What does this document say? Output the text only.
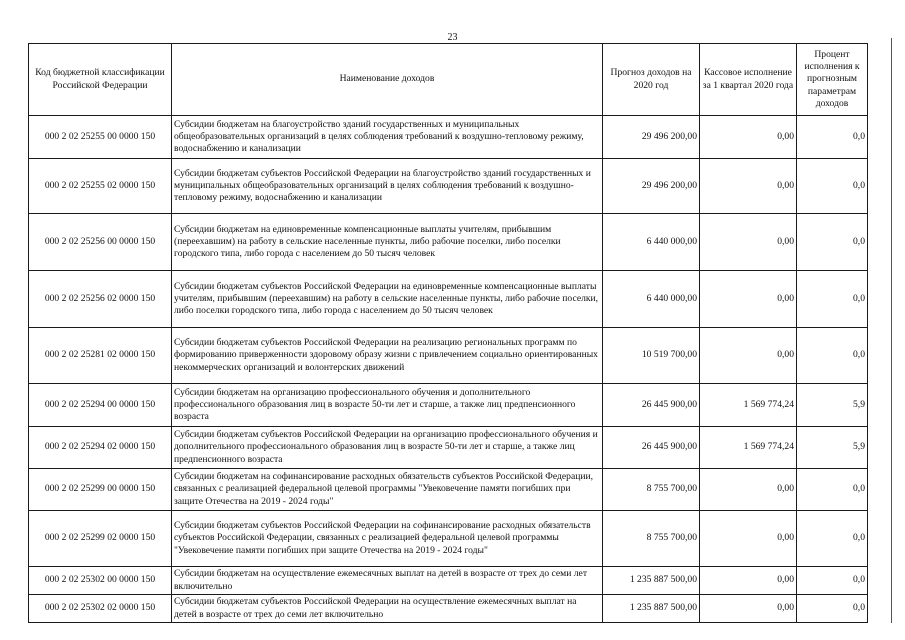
23
Код бюджетной классификации Российской Федерации	Наименование доходов	Прогноз доходов на 2020 год	Кассовое исполнение за 1 квартал 2020 года	Процент исполнения к прогнозным параметрам доходов
000 2 02 25255 00 0000 150	Субсидии бюджетам на благоустройство зданий государственных и муниципальных общеобразовательных организаций в целях соблюдения требований к воздушно-тепловому режиму, водоснабжению и канализации	29 496 200,00	0,00	0,0
000 2 02 25255 02 0000 150	Субсидии бюджетам субъектов Российской Федерации на благоустройство зданий государственных и муниципальных общеобразовательных организаций в целях соблюдения требований к воздушно-тепловому режиму, водоснабжению и канализации	29 496 200,00	0,00	0,0
000 2 02 25256 00 0000 150	Субсидии бюджетам на единовременные компенсационные выплаты учителям, прибывшим (переехавшим) на работу в сельские населенные пункты, либо рабочие поселки, либо поселки городского типа, либо города с населением до 50 тысяч человек	6 440 000,00	0,00	0,0
000 2 02 25256 02 0000 150	Субсидии бюджетам субъектов Российской Федерации на единовременные компенсационные выплаты учителям, прибывшим (переехавшим) на работу в сельские населенные пункты, либо рабочие поселки, либо поселки городского типа, либо города с населением до 50 тысяч человек	6 440 000,00	0,00	0,0
000 2 02 25281 02 0000 150	Субсидии бюджетам субъектов Российской Федерации на реализацию региональных программ по формированию приверженности здоровому образу жизни с привлечением социально ориентированных некоммерческих организаций и волонтерских движений	10 519 700,00	0,00	0,0
000 2 02 25294 00 0000 150	Субсидии бюджетам на организацию профессионального обучения и дополнительного профессионального образования лиц в возрасте 50-ти лет и старше, а также лиц предпенсионного возраста	26 445 900,00	1 569 774,24	5,9
000 2 02 25294 02 0000 150	Субсидии бюджетам субъектов Российской Федерации на организацию профессионального обучения и дополнительного профессионального образования лиц в возрасте 50-ти лет и старше, а также лиц предпенсионного возраста	26 445 900,00	1 569 774,24	5,9
000 2 02 25299 00 0000 150	Субсидии бюджетам на софинансирование расходных обязательств субъектов Российской Федерации, связанных с реализацией федеральной целевой программы "Увековечение памяти погибших при защите Отечества на 2019 - 2024 годы"	8 755 700,00	0,00	0,0
000 2 02 25299 02 0000 150	Субсидии бюджетам субъектов Российской Федерации на софинансирование расходных обязательств субъектов Российской Федерации, связанных с реализацией федеральной целевой программы "Увековечение памяти погибших при защите Отечества на 2019 - 2024 годы"	8 755 700,00	0,00	0,0
000 2 02 25302 00 0000 150	Субсидии бюджетам на осуществление ежемесячных выплат на детей в возрасте от трех до семи лет включительно	1 235 887 500,00	0,00	0,0
000 2 02 25302 02 0000 150	Субсидии бюджетам субъектов Российской Федерации на осуществление ежемесячных выплат на детей в возрасте от трех до семи лет включительно	1 235 887 500,00	0,00	0,0
